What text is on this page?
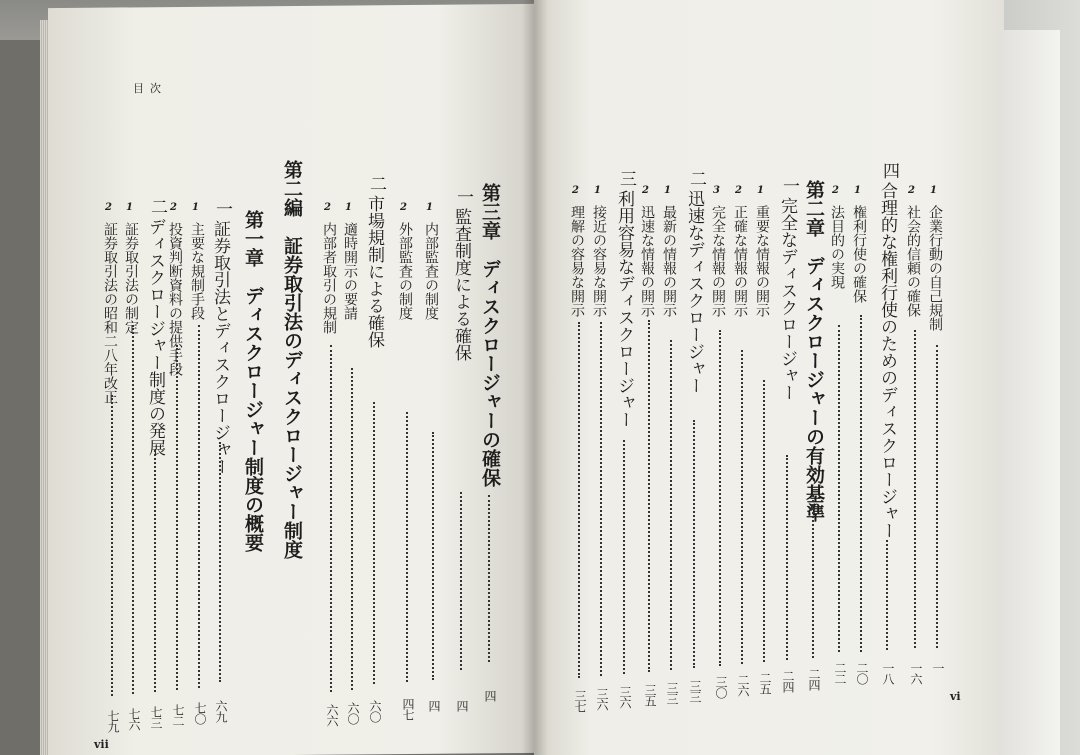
目次
vii
第三章　ディスクロージャーの確保
四
一
監査制度による確保
四
1
内部監査の制度
四
2
外部監査の制度
四七
二
市場規制による確保
六〇
1
適時開示の要請
六〇
2
内部者取引の規制
六六
第二編　証券取引法のディスクロージャー制度
第一章　ディスクロージャー制度の概要
一
証券取引法とディスクロージャー
六九
1
主要な規制手段
七〇
2
投資判断資料の提供手段
七二
二
ディスクロージャー制度の発展
七三
1
証券取引法の制定
七六
2
証券取引法の昭和二八年改正
七九
vi
1
企業行動の自己規制
一
2
社会的信頼の確保
一六
四
合理的な権利行使のためのディスクロージャー
一八
1
権利行使の確保
二〇
2
法目的の実現
二二
第二章　ディスクロージャーの有効基準
二四
一
完全なディスクロージャー
二四
1
重要な情報の開示
二五
2
正確な情報の開示
二六
3
完全な情報の開示
三〇
二
迅速なディスクロージャー
三三
1
最新の情報の開示
三三
2
迅速な情報の開示
三五
三
利用容易なディスクロージャー
三六
1
接近の容易な開示
三六
2
理解の容易な開示
三七
